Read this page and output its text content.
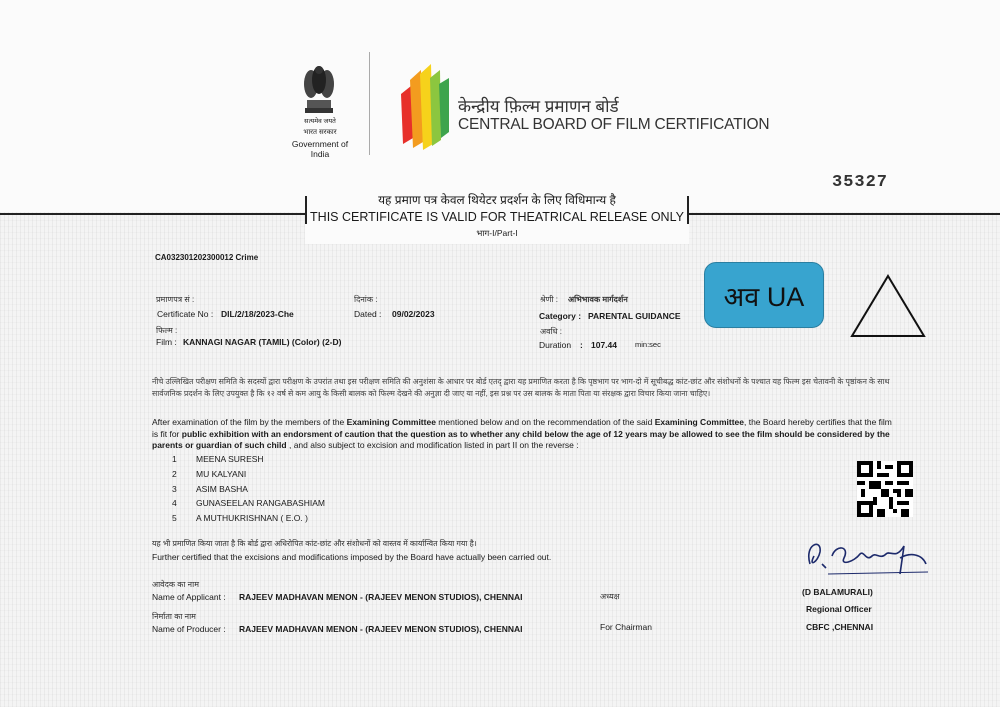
सत्यमेव जयते
भारत सरकार
Government of India
केन्द्रीय फ़िल्म प्रमाणन बोर्ड
CENTRAL BOARD OF FILM CERTIFICATION
35327
यह प्रमाण पत्र केवल थियेटर प्रदर्शन के लिए विधिमान्य है
THIS CERTIFICATE IS VALID FOR THEATRICAL RELEASE ONLY
भाग-I/Part-I
CA032301202300012 Crime
प्रमाणपत्र सं :
Certificate No : DIL/2/18/2023-Che
दिनांक :
Dated : 09/02/2023
फिल्म :
Film : KANNAGI NAGAR (TAMIL) (Color) (2-D)
श्रेणी : अभिभावक मार्गदर्शन
Category : PARENTAL GUIDANCE
अवधि :
Duration : 107.44 min:sec
अव UA
नीचे उल्लिखित परीक्षण समिति के सदस्यों द्वारा परीक्षण के उपरांत तथा इस परीक्षण समिति की अनुशंसा के आधार पर बोर्ड एतद् द्वारा यह प्रमाणित करता है कि पृष्ठभाग पर भाग-दो में सूचीबद्ध कांट-छांट और संशोधनों के पश्चात यह फिल्म इस चेतावनी के पृष्ठांकन के साथ सार्वजनिक प्रदर्शन के लिए उपयुक्त है कि १२ वर्ष से कम आयु के किसी बालक को फिल्म देखने की अनुज्ञा दी जाए या नहीं, इस प्रश्न पर उस बालक के माता पिता या संरक्षक द्वारा विचार किया जाना चाहिए।
After examination of the film by the members of the Examining Committee mentioned below and on the recommendation of the said Examining Committee, the Board hereby certifies that the film is fit for public exhibition with an endorsment of caution that the question as to whether any child below the age of 12 years may be allowed to see the film should be considered by the parents or guardian of such child , and also subject to excision and modification listed in part II on the reverse :
1 MEENA SURESH
2 MU KALYANI
3 ASIM BASHA
4 GUNASEELAN RANGABASHIAM
5 A MUTHUKRISHNAN ( E.O. )
यह भी प्रमाणित किया जाता है कि बोर्ड द्वारा अधिरोपित कांट-छांट और संशोधनों को वास्तव में कार्यान्वित किया गया है।
Further certified that the excisions and modifications imposed by the Board have actually been carried out.
आवेदक का नाम
Name of Applicant : RAJEEV MADHAVAN MENON - (RAJEEV MENON STUDIOS), CHENNAI
निर्माता का नाम
Name of Producer : RAJEEV MADHAVAN MENON - (RAJEEV MENON STUDIOS), CHENNAI
अध्यक्ष
For Chairman
(D BALAMURALI)
Regional Officer
CBFC ,CHENNAI
